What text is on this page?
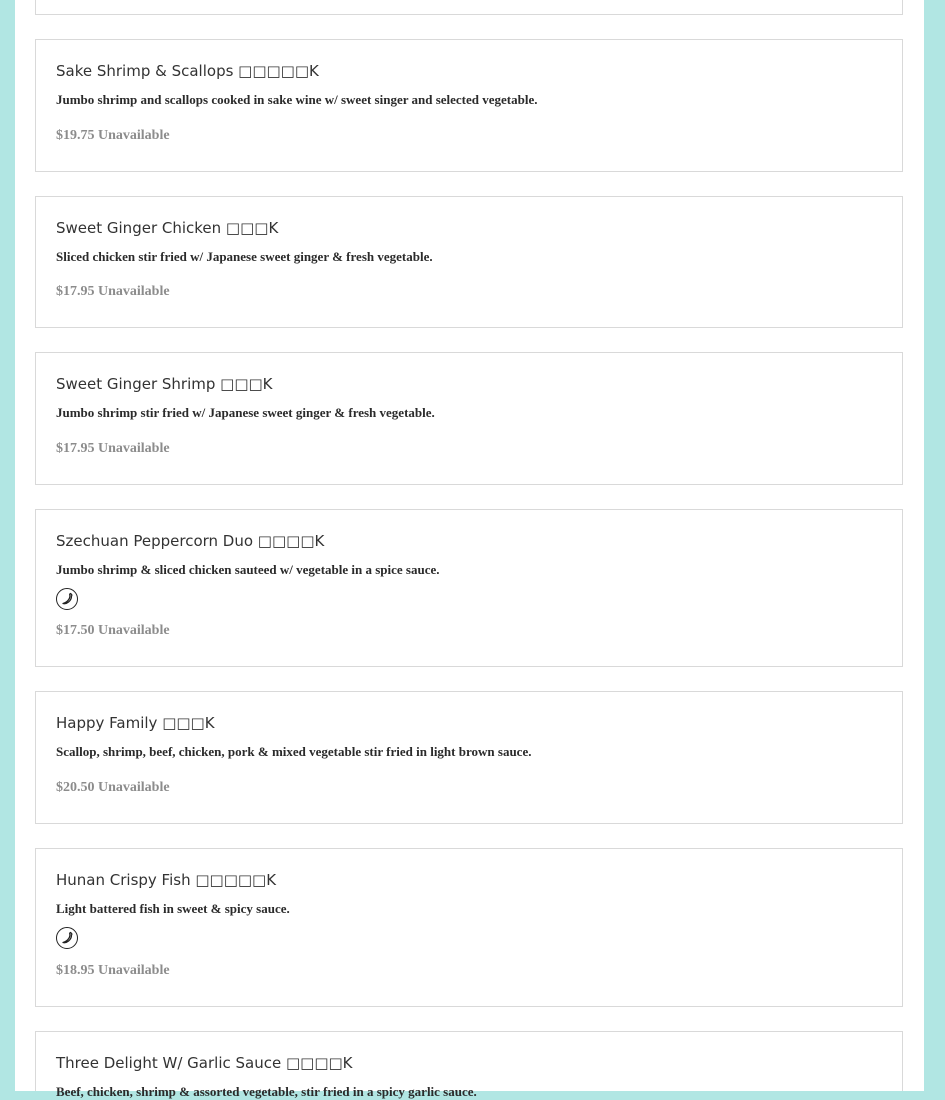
Sake Shrimp & Scallops □□□□□K
Jumbo shrimp and scallops cooked in sake wine w/ sweet singer and selected vegetable.
$19.75 Unavailable
Sweet Ginger Chicken □□□K
Sliced chicken stir fried w/ Japanese sweet ginger & fresh vegetable.
$17.95 Unavailable
Sweet Ginger Shrimp □□□K
Jumbo shrimp stir fried w/ Japanese sweet ginger & fresh vegetable.
$17.95 Unavailable
Szechuan Peppercorn Duo □□□□K
Jumbo shrimp & sliced chicken sauteed w/ vegetable in a spice sauce.
$17.50 Unavailable
Happy Family □□□K
Scallop, shrimp, beef, chicken, pork & mixed vegetable stir fried in light brown sauce.
$20.50 Unavailable
Hunan Crispy Fish □□□□□K
Light battered fish in sweet & spicy sauce.
$18.95 Unavailable
Three Delight W/ Garlic Sauce □□□□K
Beef, chicken, shrimp & assorted vegetable, stir fried in a spicy garlic sauce.
